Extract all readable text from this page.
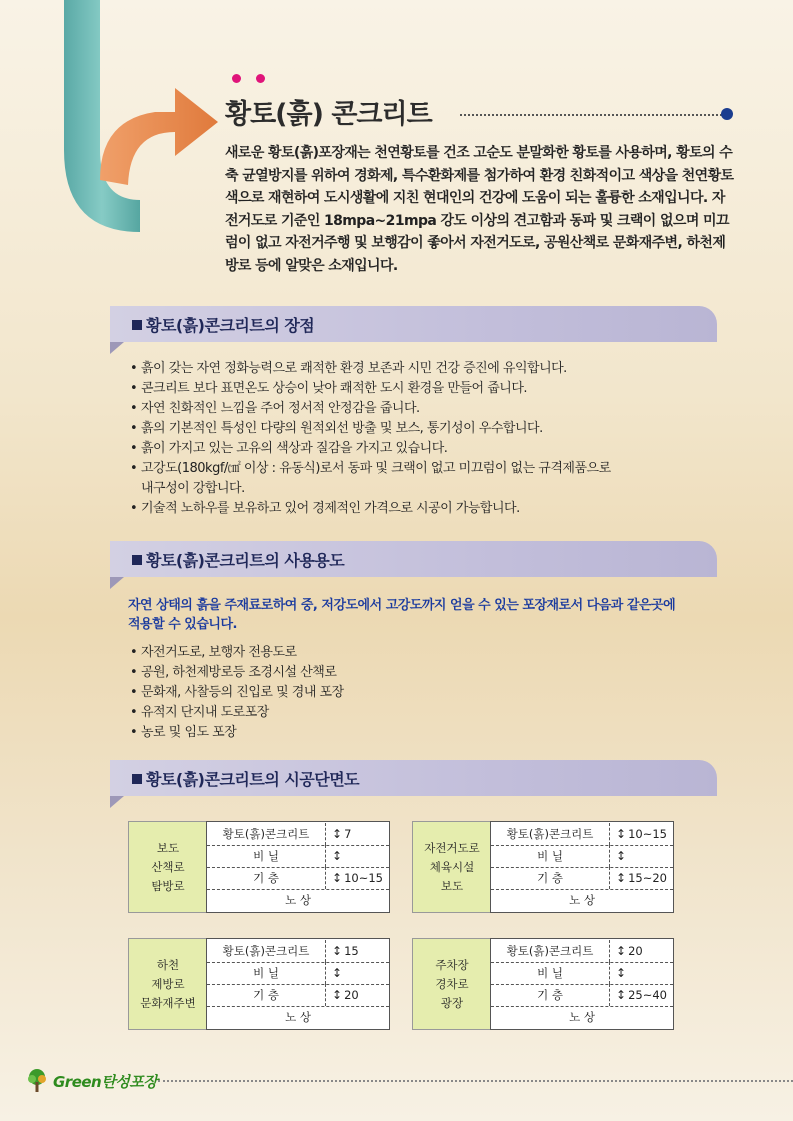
황토(흙) 콘크리트

새로운 황토(흙)포장재는 천연황토를 건조 고순도 분말화한 황토를 사용하며, 황토의 수축 균열방지를 위하여 경화제, 특수환화제를 첨가하여 환경 친화적이고 색상을 천연황토색으로 재현하여 도시생활에 지친 현대인의 건강에 도움이 되는 훌륭한 소재입니다. 자전거도로 기준인 18mpa~21mpa 강도 이상의 견고함과 동파 및 크랙이 없으며 미끄럼이 없고 자전거주행 및 보행감이 좋아서 자전거도로, 공원산책로 문화재주변, 하천제방로 등에 알맞은 소재입니다.

황토(흙)콘크리트의 장점
• 흙이 갖는 자연 정화능력으로 쾌적한 환경 보존과 시민 건강 증진에 유익합니다.
• 콘크리트 보다 표면온도 상승이 낮아 쾌적한 도시 환경을 만들어 줍니다.
• 자연 친화적인 느낌을 주어 정서적 안정감을 줍니다.
• 흙의 기본적인 특성인 다량의 원적외선 방출 및 보스, 통기성이 우수합니다.
• 흙이 가지고 있는 고유의 색상과 질감을 가지고 있습니다.
• 고강도(180kgf/㎠ 이상 : 유동식)로서 동파 및 크랙이 없고 미끄럼이 없는 규격제품으로
내구성이 강합니다.
• 기술적 노하우를 보유하고 있어 경제적인 가격으로 시공이 가능합니다.
황토(흙)콘크리트의 사용용도

자연 상태의 흙을 주재료로하여 중, 저강도에서 고강도까지 얻을 수 있는 포장재로서 다음과 같은곳에 적용할 수 있습니다.

• 자전거도로, 보행자 전용도로
• 공원, 하천제방로등 조경시설 산책로
• 문화재, 사찰등의 진입로 및 경내 포장
• 유적지 단지내 도로포장
• 농로 및 임도 포장
황토(흙)콘크리트의 시공단면도
보도
산책로
탐방로
황토(흙)콘크리트	↕ 7
비 닐	↕
기 층	↕ 10~15
노 상
자전거도로
체육시설
보도
황토(흙)콘크리트	↕ 10~15
비 닐	↕
기 층	↕ 15~20
노 상
하천
제방로
문화재주변
황토(흙)콘크리트	↕ 15
비 닐	↕
기 층	↕ 20
노 상
주차장
경차로
광장
황토(흙)콘크리트	↕ 20
비 닐	↕
기 층	↕ 25~40
노 상
Green탄성포장
